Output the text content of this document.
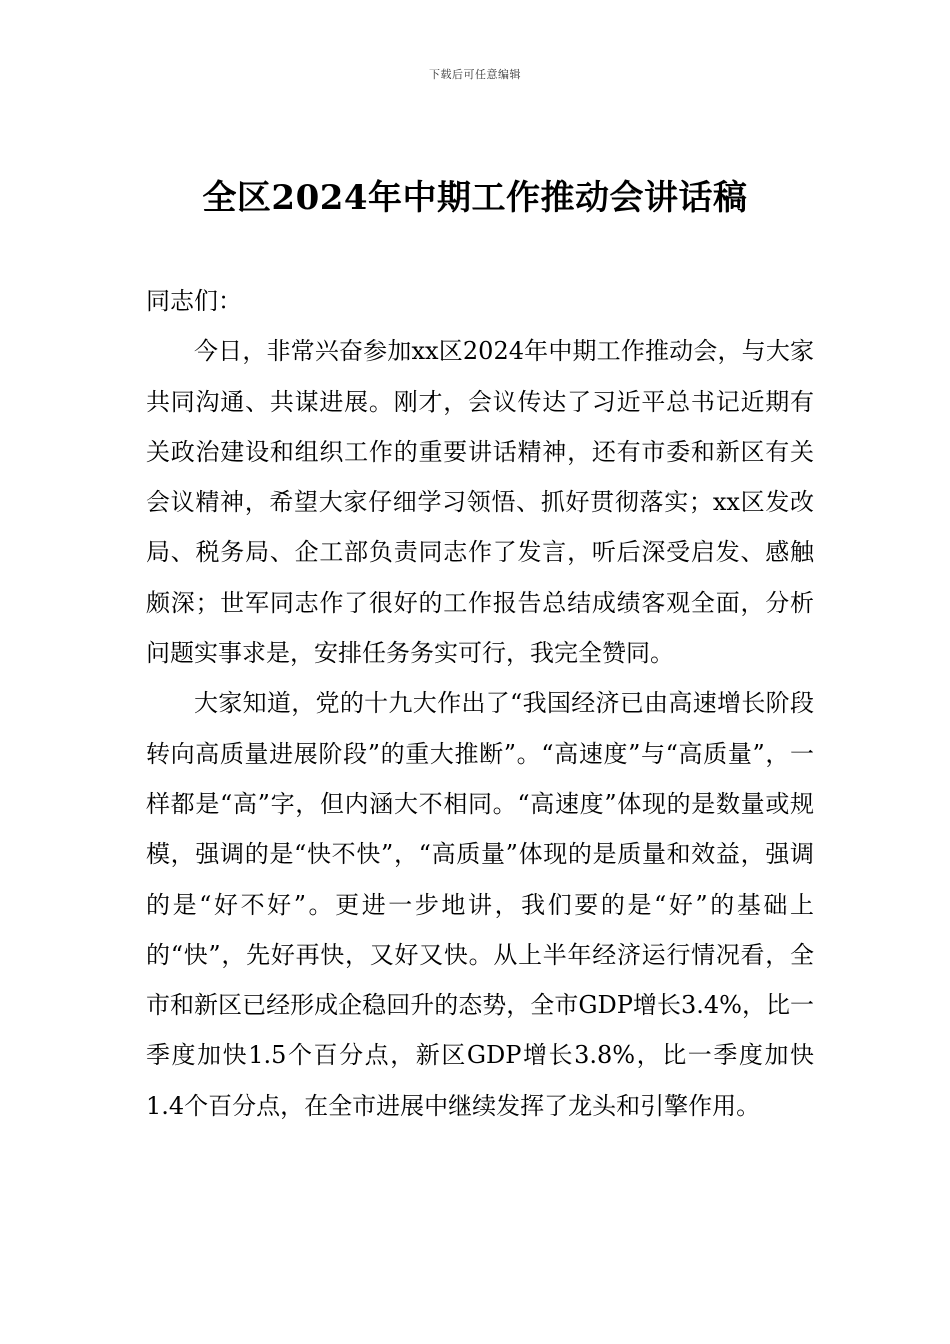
下载后可任意编辑
全区2024年中期工作推动会讲话稿

同志们：

今日，非常兴奋参加xx区2024年中期工作推动会，与大家共同沟通、共谋进展。刚才，会议传达了习近平总书记近期有关政治建设和组织工作的重要讲话精神，还有市委和新区有关会议精神，希望大家仔细学习领悟、抓好贯彻落实；xx区发改局、税务局、企工部负责同志作了发言，听后深受启发、感触颇深；世军同志作了很好的工作报告总结成绩客观全面，分析问题实事求是，安排任务务实可行，我完全赞同。

大家知道，党的十九大作出了“我国经济已由高速增长阶段转向高质量进展阶段”的重大推断”。“高速度”与“高质量”，一样都是“高”字，但内涵大不相同。“高速度”体现的是数量或规模，强调的是“快不快”，“高质量”体现的是质量和效益，强调的是“好不好”。更进一步地讲，我们要的是“好”的基础上的“快”，先好再快，又好又快。从上半年经济运行情况看，全市和新区已经形成企稳回升的态势，全市GDP增长3.4%，比一季度加快1.5个百分点，新区GDP增长3.8%，比一季度加快1.4个百分点，在全市进展中继续发挥了龙头和引擎作用。
